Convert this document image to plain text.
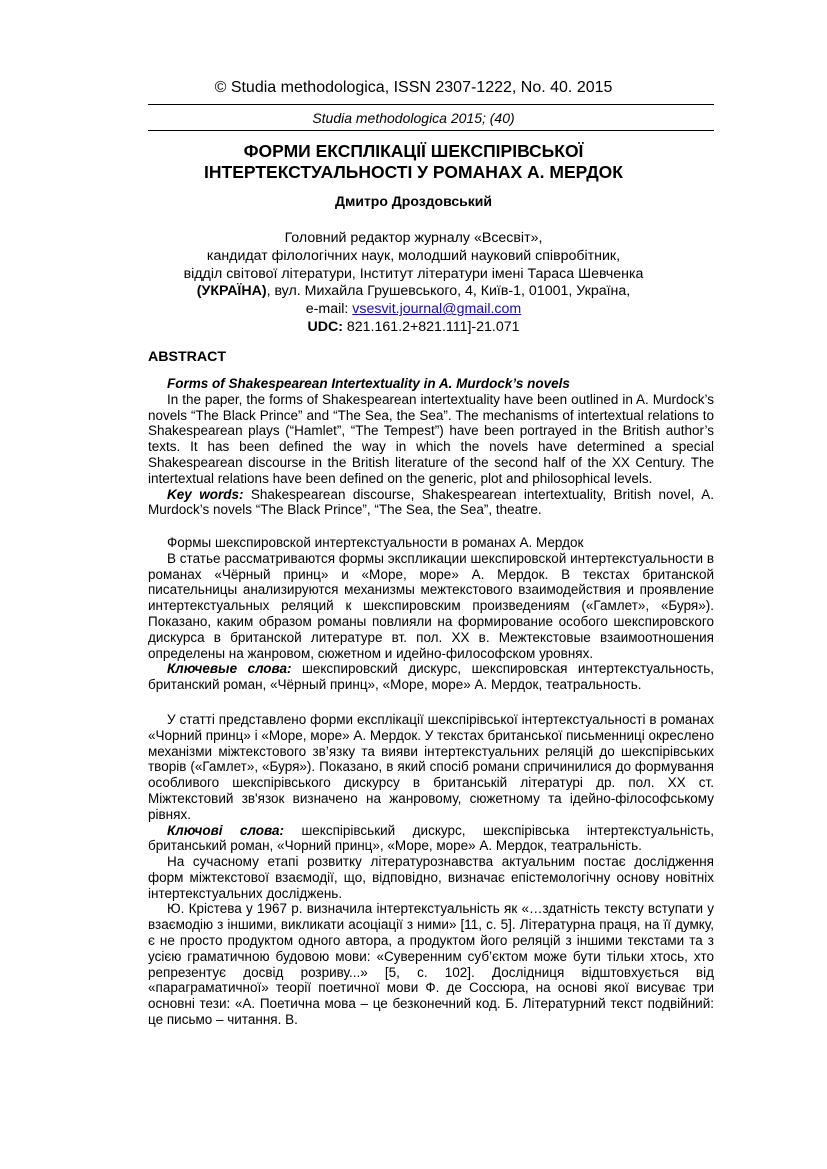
© Studia methodologica, ISSN 2307-1222, No. 40. 2015
Studia methodologica 2015; (40)
ФОРМИ ЕКСПЛІКАЦІЇ ШЕКСПІРІВСЬКОЇ
ІНТЕРТЕКСТУАЛЬНОСТІ У РОМАНАХ А. МЕРДОК
Дмитро Дроздовський
Головний редактор журналу «Всесвіт»,
кандидат філологічних наук, молодший науковий співробітник,
відділ світової літератури, Інститут літератури імені Тараса Шевченка
(УКРАЇНА), вул. Михайла Грушевського, 4, Київ-1, 01001, Україна,
e-mail: vsesvit.journal@gmail.com
UDC: 821.161.2+821.111]-21.071
ABSTRACT

Forms of Shakespearean Intertextuality in A. Murdock’s novels

In the paper, the forms of Shakespearean intertextuality have been outlined in A. Murdock’s novels “The Black Prince” and “The Sea, the Sea”. The mechanisms of intertextual relations to Shakespearean plays (“Hamlet”, “The Tempest”) have been portrayed in the British author’s texts. It has been defined the way in which the novels have determined a special Shakespearean discourse in the British literature of the second half of the XX Century. The intertextual relations have been defined on the generic, plot and philosophical levels.

Key words: Shakespearean discourse, Shakespearean intertextuality, British novel, A. Murdock’s novels “The Black Prince”, “The Sea, the Sea”, theatre.

Формы шекспировской интертекстуальности в романах А. Мердок

В статье рассматриваются формы экспликации шекспировской интертекстуальности в романах «Чёрный принц» и «Море, море» А. Мердок. В текстах британской писательницы анализируются механизмы межтекстового взаимодействия и проявление интертекстуальных реляций к шекспировским произведениям («Гамлет», «Буря»). Показано, каким образом романы повлияли на формирование особого шекспировского дискурса в британской литературе вт. пол. ХХ в. Межтекстовые взаимоотношения определены на жанровом, сюжетном и идейно-философском уровнях.

Ключевые слова: шекспировский дискурс, шекспировская интертекстуальность, британский роман, «Чёрный принц», «Море, море» А. Мердок, театральность.

У статті представлено форми експлікації шекспірівської інтертекстуальності в романах «Чорний принц» і «Море, море» А. Мердок. У текстах британської письменниці окреслено механізми міжтекстового зв’язку та вияви інтертекстуальних реляцій до шекспірівських творів («Гамлет», «Буря»). Показано, в який спосіб романи спричинилися до формування особливого шекспірівського дискурсу в британській літературі др. пол. ХХ ст. Міжтекстовий зв'язок визначено на жанровому, сюжетному та ідейно-філософському рівнях.

Ключові слова: шекспірівський дискурс, шекспірівська інтертекстуальність, британський роман, «Чорний принц», «Море, море» А. Мердок, театральність.

На сучасному етапі розвитку літературознавства актуальним постає дослідження форм міжтекстової взаємодії, що, відповідно, визначає епістемологічну основу новітніх інтертекстуальних досліджень.

Ю. Крістева у 1967 р. визначила інтертекстуальність як «…здатність тексту вступати у взаємодію з іншими, викликати асоціації з ними» [11, с. 5]. Літературна праця, на її думку, є не просто продуктом одного автора, а продуктом його реляцій з іншими текстами та з усією граматичною будовою мови: «Суверенним суб’єктом може бути тільки хтось, хто репрезентує досвід розриву...» [5, с. 102]. Дослідниця відштовхується від «параграматичної» теорії поетичної мови Ф. де Соссюра, на основі якої висуває три основні тези: «А. Поетична мова – це безконечний код. Б. Літературний текст подвійний: це письмо – читання. В.
